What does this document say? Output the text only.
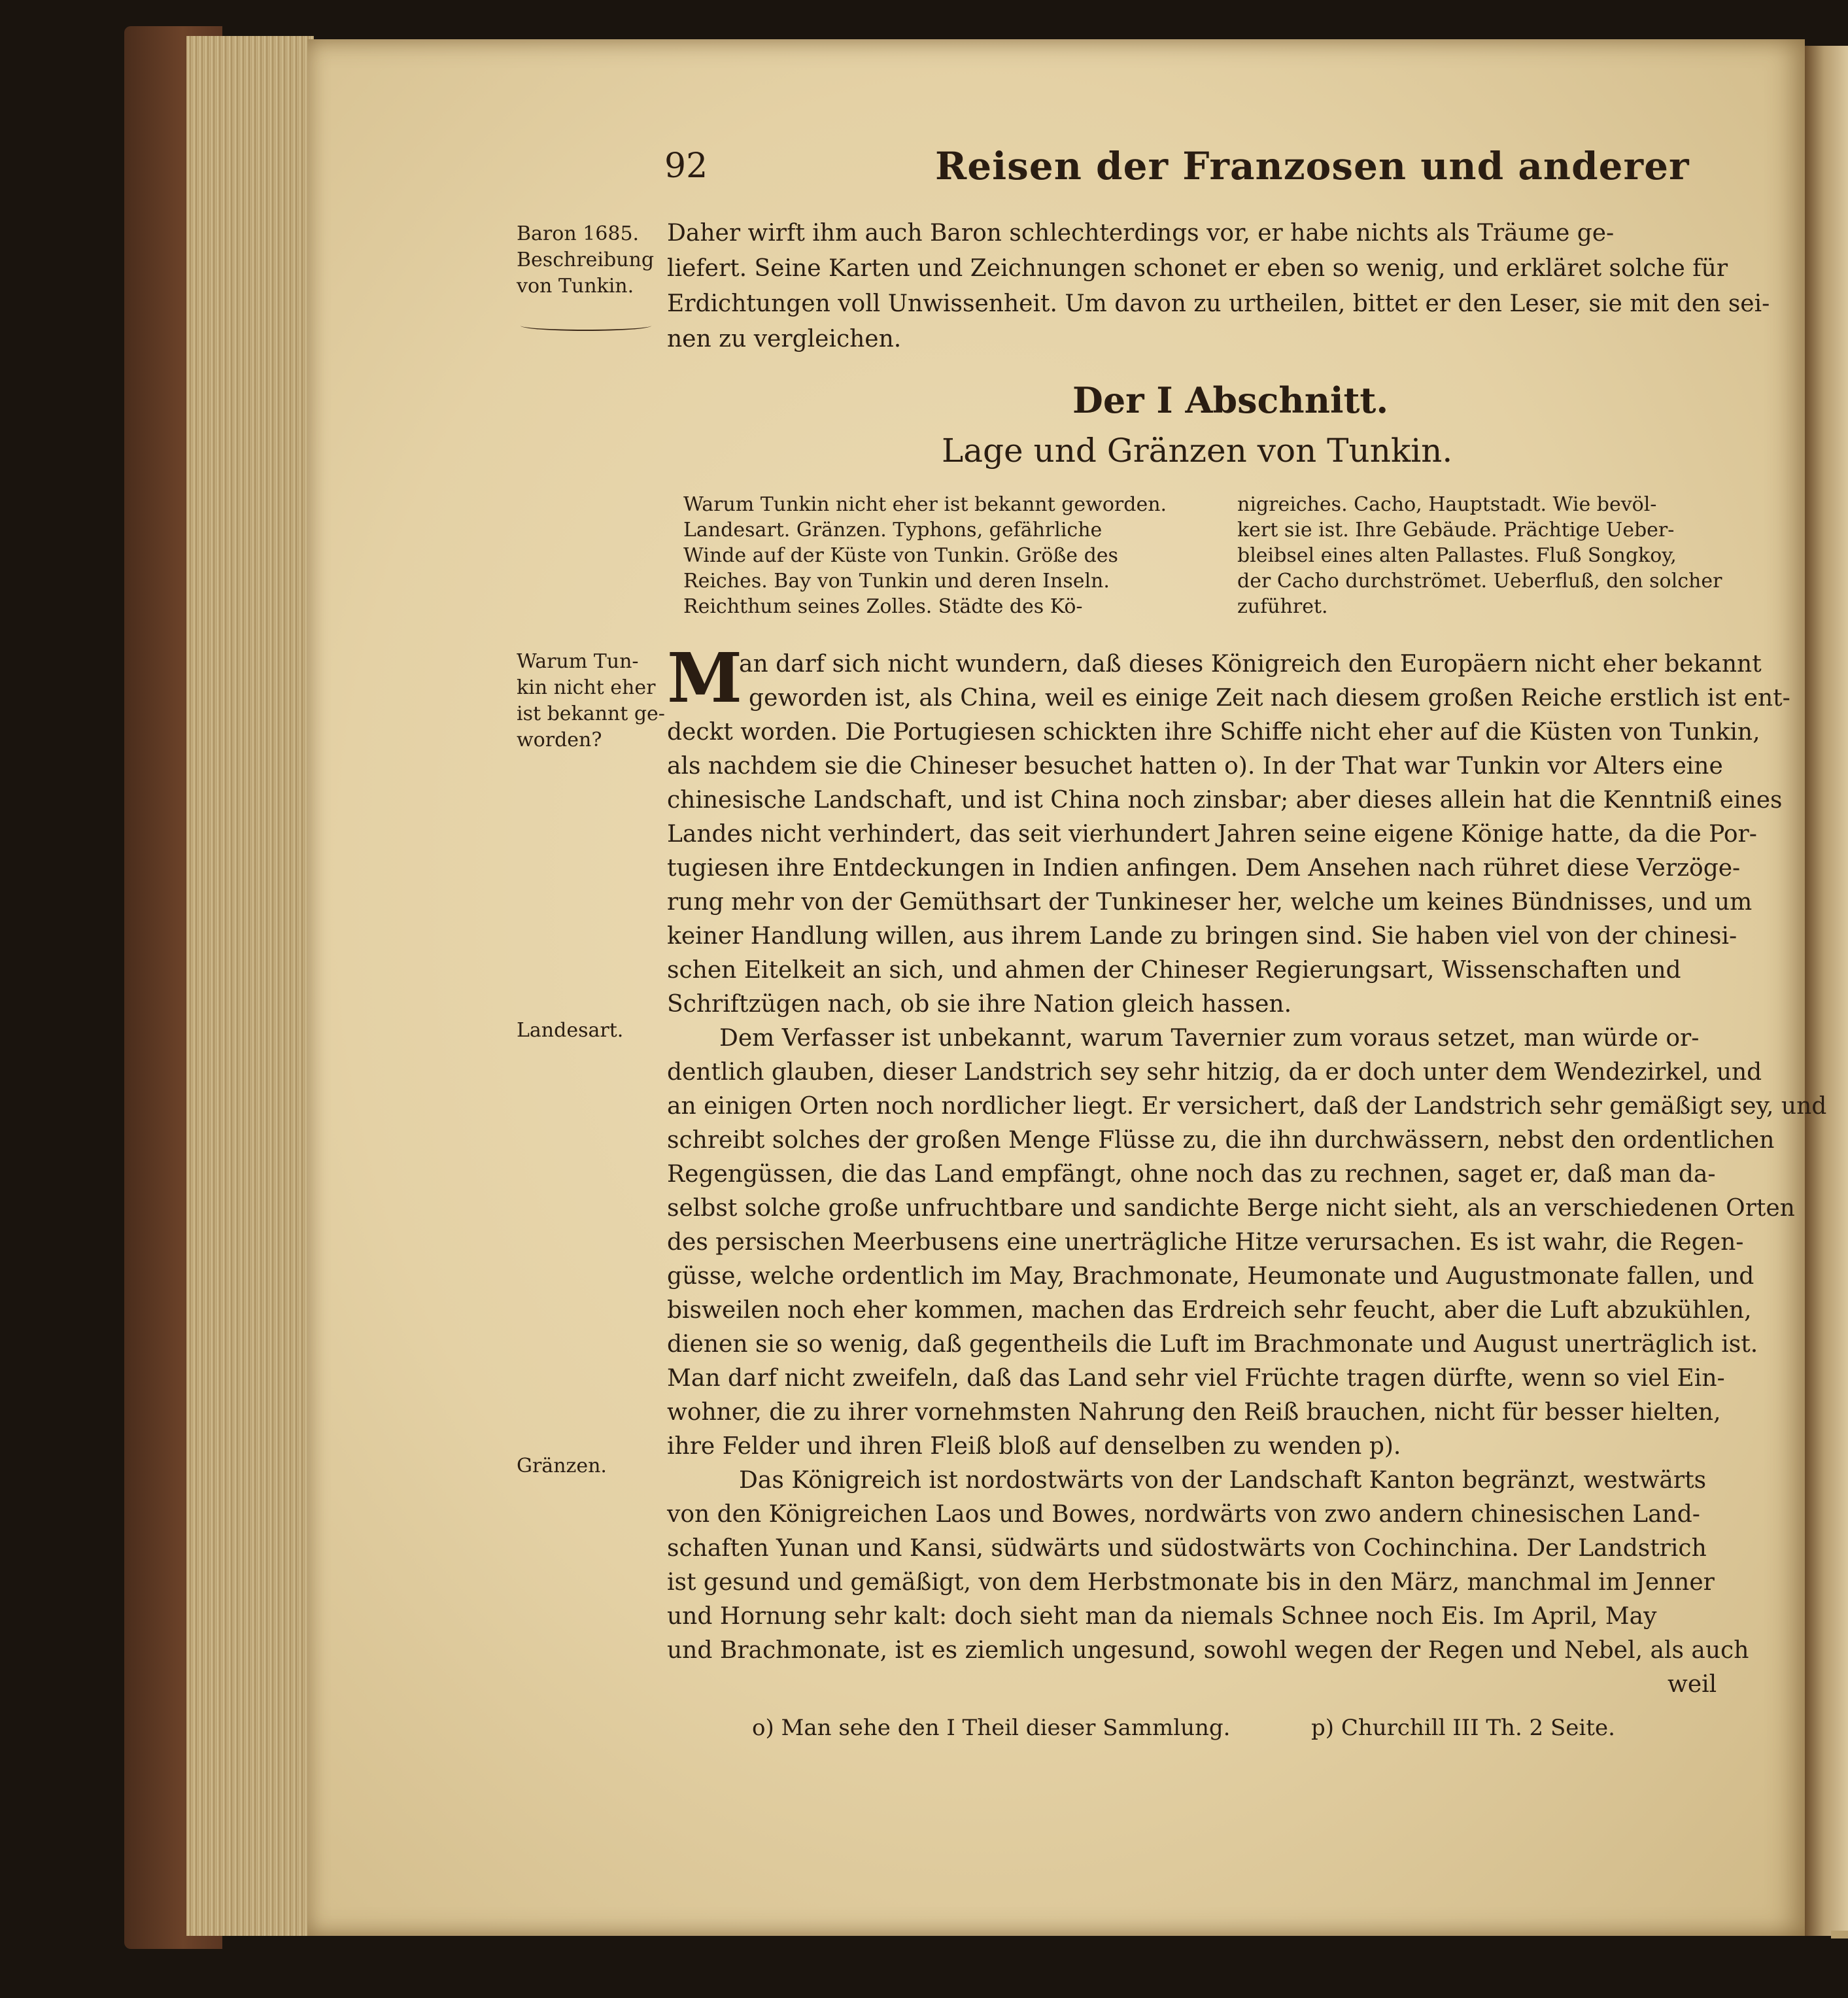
92	Reisen der Franzosen und anderer
Baron 1685.
Beschreibung
von Tunkin.
Warum Tun-
kin nicht eher
ist bekannt ge-
worden?
Landesart.
Gränzen.
Daher wirft ihm auch Baron schlechterdings vor, er habe nichts als Träume ge-
liefert. Seine Karten und Zeichnungen schonet er eben so wenig, und erkläret solche für
Erdichtungen voll Unwissenheit. Um davon zu urtheilen, bittet er den Leser, sie mit den sei-
nen zu vergleichen.
Der I Abschnitt.
Lage und Gränzen von Tunkin.
Warum Tunkin nicht eher ist bekannt geworden.
Landesart. Gränzen. Typhons, gefährliche
Winde auf der Küste von Tunkin. Größe des
Reiches. Bay von Tunkin und deren Inseln.
Reichthum seines Zolles. Städte des Kö-
nigreiches. Cacho, Hauptstadt. Wie bevöl-
kert sie ist. Ihre Gebäude. Prächtige Ueber-
bleibsel eines alten Pallastes. Fluß Songkoy,
der Cacho durchströmet. Ueberfluß, den solcher
zuführet.
M
an darf sich nicht wundern, daß dieses Königreich den Europäern nicht eher bekannt
geworden ist, als China, weil es einige Zeit nach diesem großen Reiche erstlich ist ent-
deckt worden. Die Portugiesen schickten ihre Schiffe nicht eher auf die Küsten von Tunkin,
als nachdem sie die Chineser besuchet hatten o). In der That war Tunkin vor Alters eine
chinesische Landschaft, und ist China noch zinsbar; aber dieses allein hat die Kenntniß eines
Landes nicht verhindert, das seit vierhundert Jahren seine eigene Könige hatte, da die Por-
tugiesen ihre Entdeckungen in Indien anfingen. Dem Ansehen nach rühret diese Verzöge-
rung mehr von der Gemüthsart der Tunkineser her, welche um keines Bündnisses, und um
keiner Handlung willen, aus ihrem Lande zu bringen sind. Sie haben viel von der chinesi-
schen Eitelkeit an sich, und ahmen der Chineser Regierungsart, Wissenschaften und
Schriftzügen nach, ob sie ihre Nation gleich hassen.
Dem Verfasser ist unbekannt, warum Tavernier zum voraus setzet, man würde or-
dentlich glauben, dieser Landstrich sey sehr hitzig, da er doch unter dem Wendezirkel, und
an einigen Orten noch nordlicher liegt. Er versichert, daß der Landstrich sehr gemäßigt sey, und
schreibt solches der großen Menge Flüsse zu, die ihn durchwässern, nebst den ordentlichen
Regengüssen, die das Land empfängt, ohne noch das zu rechnen, saget er, daß man da-
selbst solche große unfruchtbare und sandichte Berge nicht sieht, als an verschiedenen Orten
des persischen Meerbusens eine unerträgliche Hitze verursachen. Es ist wahr, die Regen-
güsse, welche ordentlich im May, Brachmonate, Heumonate und Augustmonate fallen, und
bisweilen noch eher kommen, machen das Erdreich sehr feucht, aber die Luft abzukühlen,
dienen sie so wenig, daß gegentheils die Luft im Brachmonate und August unerträglich ist.
Man darf nicht zweifeln, daß das Land sehr viel Früchte tragen dürfte, wenn so viel Ein-
wohner, die zu ihrer vornehmsten Nahrung den Reiß brauchen, nicht für besser hielten,
ihre Felder und ihren Fleiß bloß auf denselben zu wenden p).
Das Königreich ist nordostwärts von der Landschaft Kanton begränzt, westwärts
von den Königreichen Laos und Bowes, nordwärts von zwo andern chinesischen Land-
schaften Yunan und Kansi, südwärts und südostwärts von Cochinchina. Der Landstrich
ist gesund und gemäßigt, von dem Herbstmonate bis in den März, manchmal im Jenner
und Hornung sehr kalt: doch sieht man da niemals Schnee noch Eis. Im April, May
und Brachmonate, ist es ziemlich ungesund, sowohl wegen der Regen und Nebel, als auch
weil
o) Man sehe den I Theil dieser Sammlung.	p) Churchill III Th. 2 Seite.
